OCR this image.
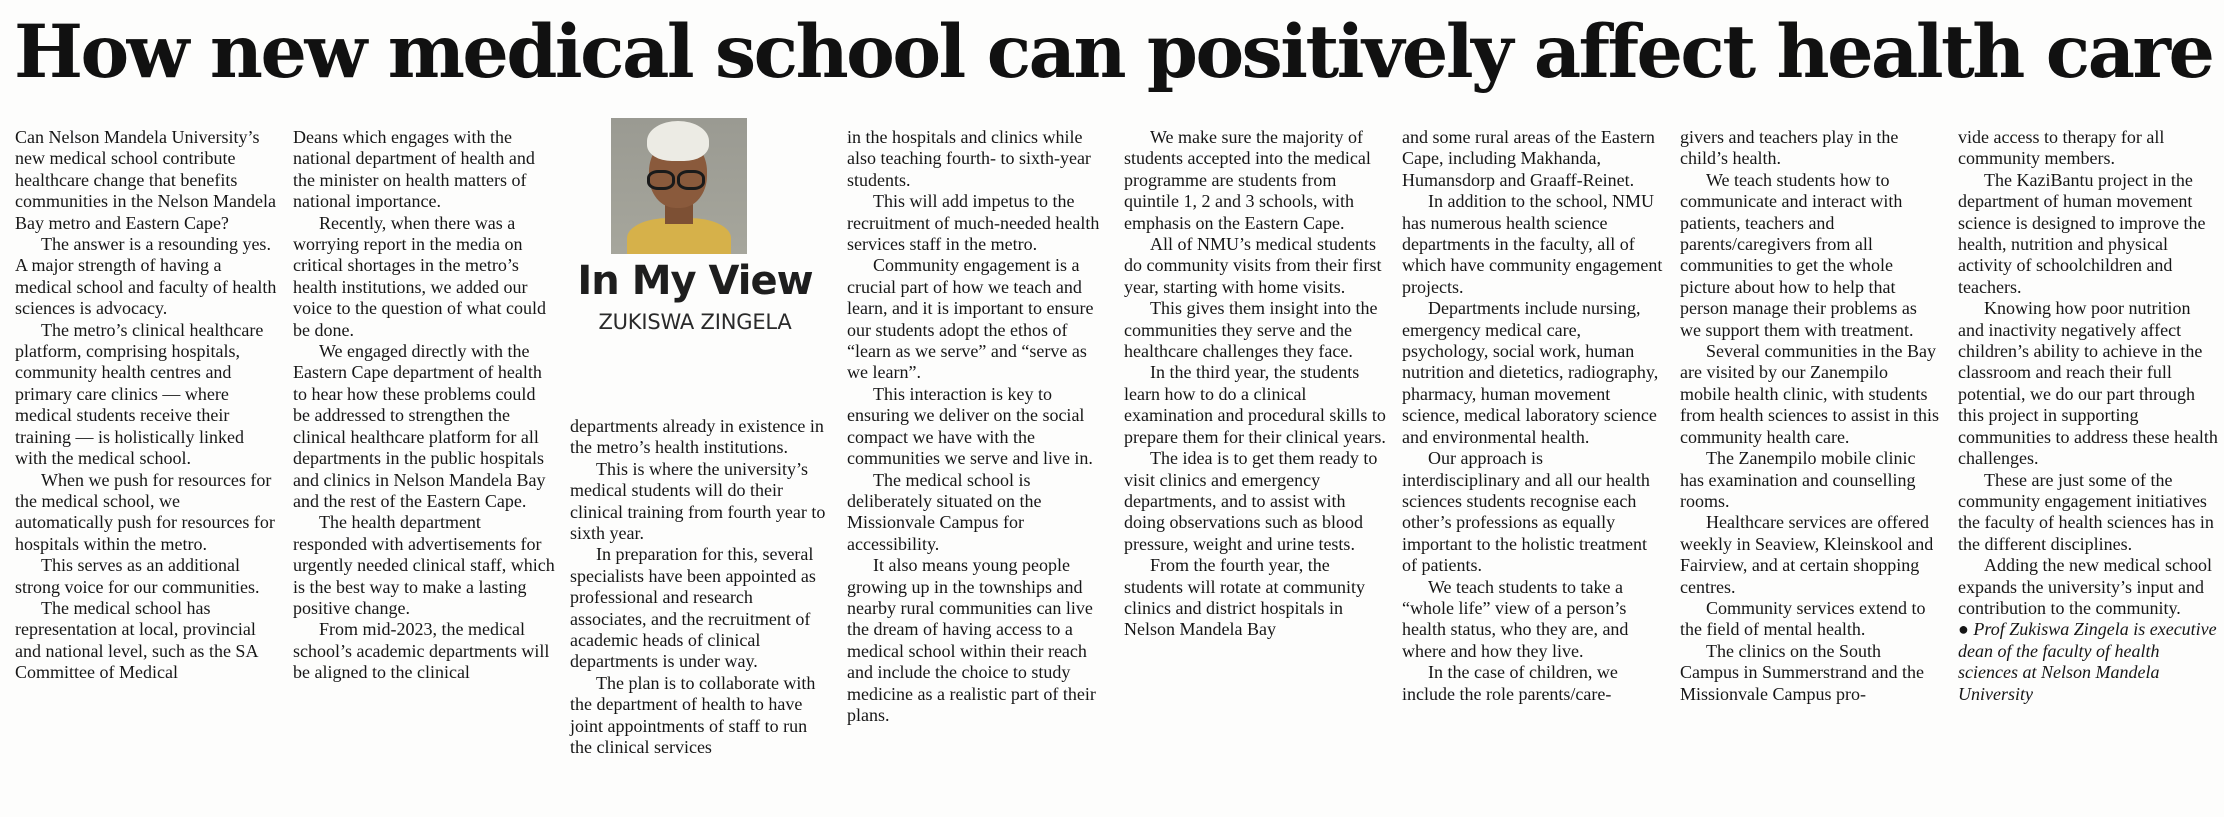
How new medical school can positively affect health care

Can Nelson Mandela University’s new medical school contribute healthcare change that benefits communities in the Nelson Mandela Bay metro and Eastern Cape?

The answer is a resounding yes. A major strength of having a medical school and faculty of health sciences is advocacy.

The metro’s clinical healthcare platform, comprising hospitals, community health centres and primary care clinics — where medical students receive their training — is holistically linked with the medical school.

When we push for resources for the medical school, we automatically push for resources for hospitals within the metro.

This serves as an additional strong voice for our communities.

The medical school has representation at local, provincial and national level, such as the SA Committee of Medical

Deans which engages with the national department of health and the minister on health matters of national importance.

Recently, when there was a worrying report in the media on critical shortages in the metro’s health institutions, we added our voice to the question of what could be done.

We engaged directly with the Eastern Cape department of health to hear how these problems could be addressed to strengthen the clinical healthcare platform for all departments in the public hospitals and clinics in Nelson Mandela Bay and the rest of the Eastern Cape.

The health department responded with advertisements for urgently needed clinical staff, which is the best way to make a lasting positive change.

From mid-2023, the medical school’s academic departments will be aligned to the clinical

In My View

ZUKISWA ZINGELA

departments already in existence in the metro’s health institutions.

This is where the university’s medical students will do their clinical training from fourth year to sixth year.

In preparation for this, several specialists have been appointed as professional and research associates, and the recruitment of academic heads of clinical departments is under way.

The plan is to collaborate with the department of health to have joint appointments of staff to run the clinical services

in the hospitals and clinics while also teaching fourth- to sixth-year students.

This will add impetus to the recruitment of much-needed health services staff in the metro.

Community engagement is a crucial part of how we teach and learn, and it is important to ensure our students adopt the ethos of “learn as we serve” and “serve as we learn”.

This interaction is key to ensuring we deliver on the social compact we have with the communities we serve and live in.

The medical school is deliberately situated on the Missionvale Campus for accessibility.

It also means young people growing up in the townships and nearby rural communities can live the dream of having access to a medical school within their reach and include the choice to study medicine as a realistic part of their plans.

We make sure the majority of students accepted into the medical programme are students from quintile 1, 2 and 3 schools, with emphasis on the Eastern Cape.

All of NMU’s medical students do community visits from their first year, starting with home visits.

This gives them insight into the communities they serve and the healthcare challenges they face.

In the third year, the students learn how to do a clinical examination and procedural skills to prepare them for their clinical years.

The idea is to get them ready to visit clinics and emergency departments, and to assist with doing observations such as blood pressure, weight and urine tests.

From the fourth year, the students will rotate at community clinics and district hospitals in Nelson Mandela Bay

and some rural areas of the Eastern Cape, including Makhanda, Humansdorp and Graaff-Reinet.

In addition to the school, NMU has numerous health science departments in the faculty, all of which have community engagement projects.

Departments include nursing, emergency medical care, psychology, social work, human nutrition and dietetics, radiography, pharmacy, human movement science, medical laboratory science and environmental health.

Our approach is interdisciplinary and all our health sciences students recognise each other’s professions as equally important to the holistic treatment of patients.

We teach students to take a “whole life” view of a person’s health status, who they are, and where and how they live.

In the case of children, we include the role parents/care-

givers and teachers play in the child’s health.

We teach students how to communicate and interact with patients, teachers and parents/caregivers from all communities to get the whole picture about how to help that person manage their problems as we support them with treatment.

Several communities in the Bay are visited by our Zanempilo mobile health clinic, with students from health sciences to assist in this community health care.

The Zanempilo mobile clinic has examination and counselling rooms.

Healthcare services are offered weekly in Seaview, Kleinskool and Fairview, and at certain shopping centres.

Community services extend to the field of mental health.

The clinics on the South Campus in Summerstrand and the Missionvale Campus pro-

vide access to therapy for all community members.

The KaziBantu project in the department of human movement science is designed to improve the health, nutrition and physical activity of schoolchildren and teachers.

Knowing how poor nutrition and inactivity negatively affect children’s ability to achieve in the classroom and reach their full potential, we do our part through this project in supporting communities to address these health challenges.

These are just some of the community engagement initiatives the faculty of health sciences has in the different disciplines.

Adding the new medical school expands the university’s input and contribution to the community.

● Prof Zukiswa Zingela is executive dean of the faculty of health sciences at Nelson Mandela University
